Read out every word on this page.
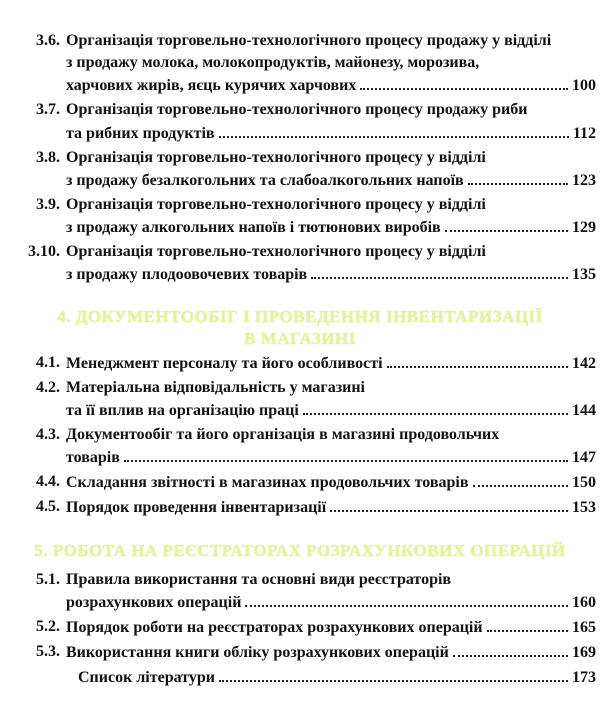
3.6. Організація торговельно-технологічного процесу продажу у відділі
з продажу молока, молокопродуктів, майонезу, морозива,
харчових жирів, яєць курячих харчових	100
3.7. Організація торговельно-технологічного процесу продажу риби
та рибних продуктів	112
3.8. Організація торговельно-технологічного процесу у відділі
з продажу безалкогольних та слабоалкогольних напоїв	123
3.9. Організація торговельно-технологічного процесу у відділі
з продажу алкогольних напоїв і тютюнових виробів	129
3.10. Організація торговельно-технологічного процесу у відділі
з продажу плодоовочевих товарів	135
4. ДОКУМЕНТООБІГ І ПРОВЕДЕННЯ ІНВЕНТАРИЗАЦІЇ
В МАГАЗИНІ
4.1. Менеджмент персоналу та його особливості	142
4.2. Матеріальна відповідальність у магазині
та її вплив на організацію праці	144
4.3. Документообіг та його організація в магазині продовольчих
товарів	147
4.4. Складання звітності в магазинах продовольчих товарів	150
4.5. Порядок проведення інвентаризації	153
5. РОБОТА НА РЕЄСТРАТОРАХ РОЗРАХУНКОВИХ ОПЕРАЦІЙ
5.1. Правила використання та основні види реєстраторів
розрахункових операцій	160
5.2. Порядок роботи на реєстраторах розрахункових операцій	165
5.3. Використання книги обліку розрахункових операцій	169
Список літератури	173
